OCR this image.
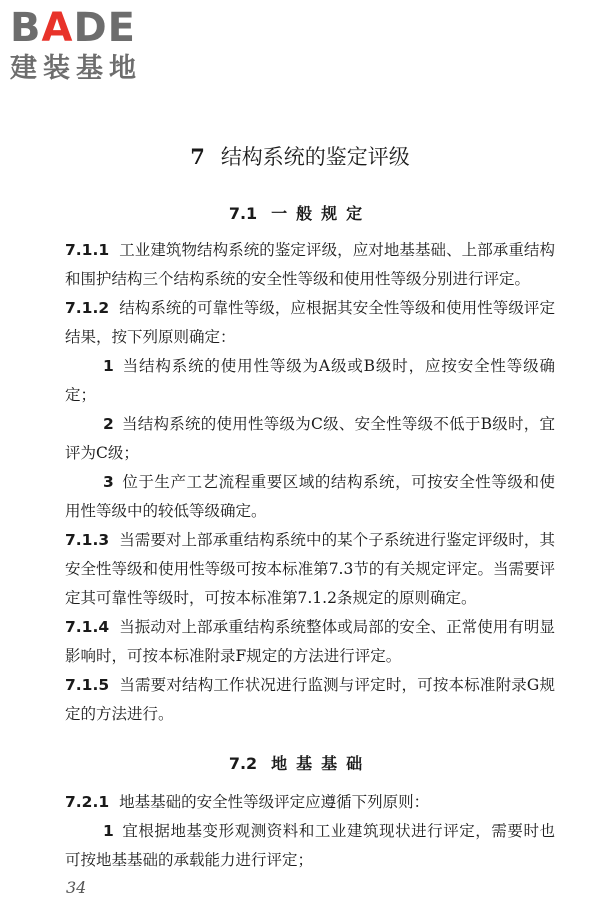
BADE
建装基地
7 结构系统的鉴定评级
7.1 一般规定

7.1.1 工业建筑物结构系统的鉴定评级，应对地基基础、上部承重结构和围护结构三个结构系统的安全性等级和使用性等级分别进行评定。

7.1.2 结构系统的可靠性等级，应根据其安全性等级和使用性等级评定结果，按下列原则确定：

1 当结构系统的使用性等级为A级或B级时，应按安全性等级确定；

2 当结构系统的使用性等级为C级、安全性等级不低于B级时，宜评为C级；

3 位于生产工艺流程重要区域的结构系统，可按安全性等级和使用性等级中的较低等级确定。

7.1.3 当需要对上部承重结构系统中的某个子系统进行鉴定评级时，其安全性等级和使用性等级可按本标准第7.3节的有关规定评定。当需要评定其可靠性等级时，可按本标准第7.1.2条规定的原则确定。

7.1.4 当振动对上部承重结构系统整体或局部的安全、正常使用有明显影响时，可按本标准附录F规定的方法进行评定。

7.1.5 当需要对结构工作状况进行监测与评定时，可按本标准附录G规定的方法进行。

7.2 地基基础

7.2.1 地基基础的安全性等级评定应遵循下列原则：

1 宜根据地基变形观测资料和工业建筑现状进行评定，需要时也可按地基基础的承载能力进行评定；

34
